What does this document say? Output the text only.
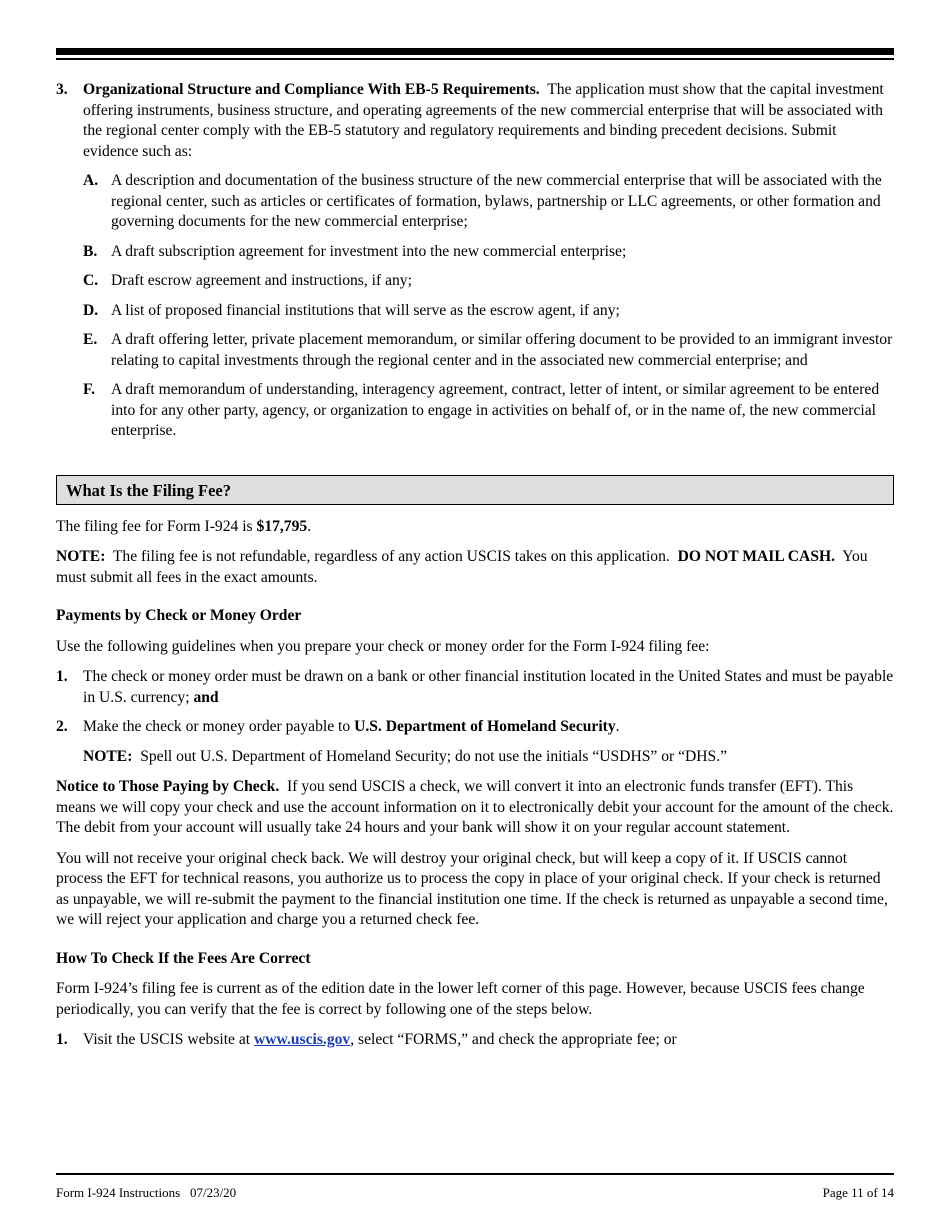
3. Organizational Structure and Compliance With EB-5 Requirements. The application must show that the capital investment offering instruments, business structure, and operating agreements of the new commercial enterprise that will be associated with the regional center comply with the EB-5 statutory and regulatory requirements and binding precedent decisions. Submit evidence such as:
A. A description and documentation of the business structure of the new commercial enterprise that will be associated with the regional center, such as articles or certificates of formation, bylaws, partnership or LLC agreements, or other formation and governing documents for the new commercial enterprise;
B. A draft subscription agreement for investment into the new commercial enterprise;
C. Draft escrow agreement and instructions, if any;
D. A list of proposed financial institutions that will serve as the escrow agent, if any;
E. A draft offering letter, private placement memorandum, or similar offering document to be provided to an immigrant investor relating to capital investments through the regional center and in the associated new commercial enterprise; and
F. A draft memorandum of understanding, interagency agreement, contract, letter of intent, or similar agreement to be entered into for any other party, agency, or organization to engage in activities on behalf of, or in the name of, the new commercial enterprise.
What Is the Filing Fee?

The filing fee for Form I-924 is $17,795.

NOTE: The filing fee is not refundable, regardless of any action USCIS takes on this application. DO NOT MAIL CASH. You must submit all fees in the exact amounts.

Payments by Check or Money Order

Use the following guidelines when you prepare your check or money order for the Form I-924 filing fee:

1. The check or money order must be drawn on a bank or other financial institution located in the United States and must be payable in U.S. currency; and
2. Make the check or money order payable to U.S. Department of Homeland Security.
NOTE: Spell out U.S. Department of Homeland Security; do not use the initials “USDHS” or “DHS.”

Notice to Those Paying by Check. If you send USCIS a check, we will convert it into an electronic funds transfer (EFT). This means we will copy your check and use the account information on it to electronically debit your account for the amount of the check. The debit from your account will usually take 24 hours and your bank will show it on your regular account statement.

You will not receive your original check back. We will destroy your original check, but will keep a copy of it. If USCIS cannot process the EFT for technical reasons, you authorize us to process the copy in place of your original check. If your check is returned as unpayable, we will re-submit the payment to the financial institution one time. If the check is returned as unpayable a second time, we will reject your application and charge you a returned check fee.

How To Check If the Fees Are Correct

Form I-924’s filing fee is current as of the edition date in the lower left corner of this page. However, because USCIS fees change periodically, you can verify that the fee is correct by following one of the steps below.

1. Visit the USCIS website at www.uscis.gov, select “FORMS,” and check the appropriate fee; or
Form I-924 Instructions   07/23/20	Page 11 of 14
